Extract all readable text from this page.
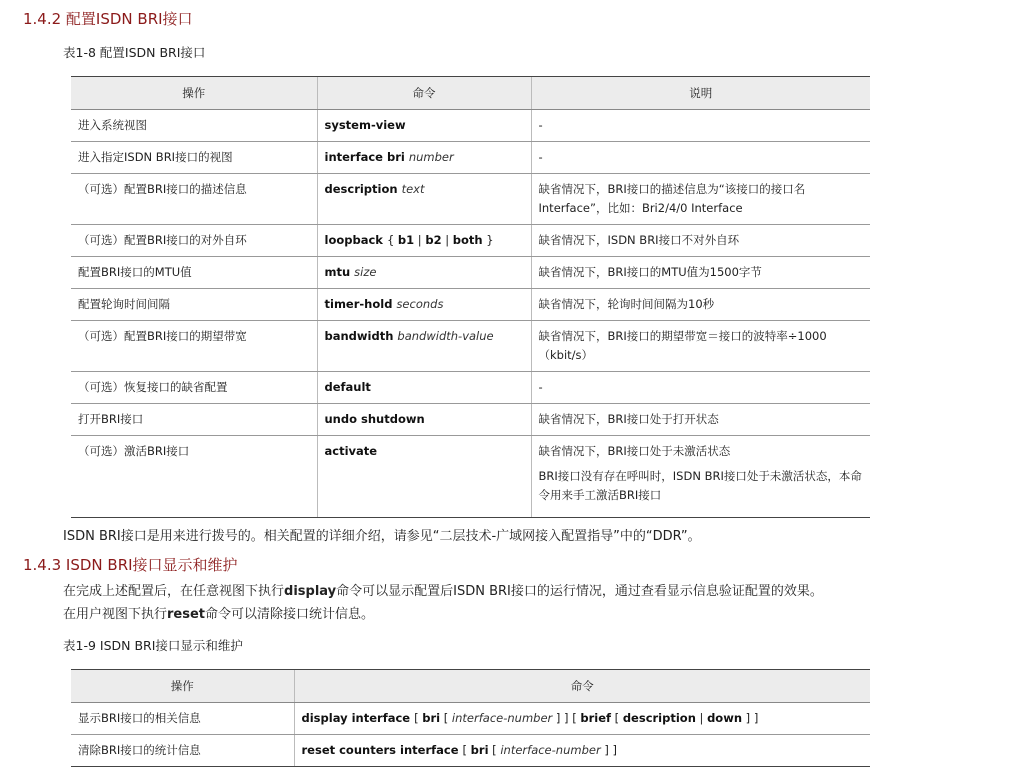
1.4.2 配置ISDN BRI接口

表1-8 配置ISDN BRI接口

操作	命令	说明
进入系统视图	system-view	-

进入指定ISDN BRI接口的视图	interface bri number	-

（可选）配置BRI接口的描述信息	description text	缺省情况下，BRI接口的描述信息为“该接口的接口名 Interface”，比如：Bri2/4/0 Interface

（可选）配置BRI接口的对外自环	loopback { b1 | b2 | both }	缺省情况下，ISDN BRI接口不对外自环

配置BRI接口的MTU值	mtu size	缺省情况下，BRI接口的MTU值为1500字节

配置轮询时间间隔	timer-hold seconds	缺省情况下，轮询时间间隔为10秒

（可选）配置BRI接口的期望带宽	bandwidth bandwidth-value	缺省情况下，BRI接口的期望带宽＝接口的波特率÷1000（kbit/s）

（可选）恢复接口的缺省配置	default	-

打开BRI接口	undo shutdown	缺省情况下，BRI接口处于打开状态

（可选）激活BRI接口	activate	缺省情况下，BRI接口处于未激活状态
BRI接口没有存在呼叫时，ISDN BRI接口处于未激活状态，本命令用来手工激活BRI接口

ISDN BRI接口是用来进行拨号的。相关配置的详细介绍，请参见“二层技术-广域网接入配置指导”中的“DDR”。

1.4.3 ISDN BRI接口显示和维护

在完成上述配置后，在任意视图下执行display命令可以显示配置后ISDN BRI接口的运行情况，通过查看显示信息验证配置的效果。

在用户视图下执行reset命令可以清除接口统计信息。

表1-9 ISDN BRI接口显示和维护

操作	命令
显示BRI接口的相关信息	display interface [ bri [ interface-number ] ] [ brief [ description | down ] ]
清除BRI接口的统计信息	reset counters interface [ bri [ interface-number ] ]
